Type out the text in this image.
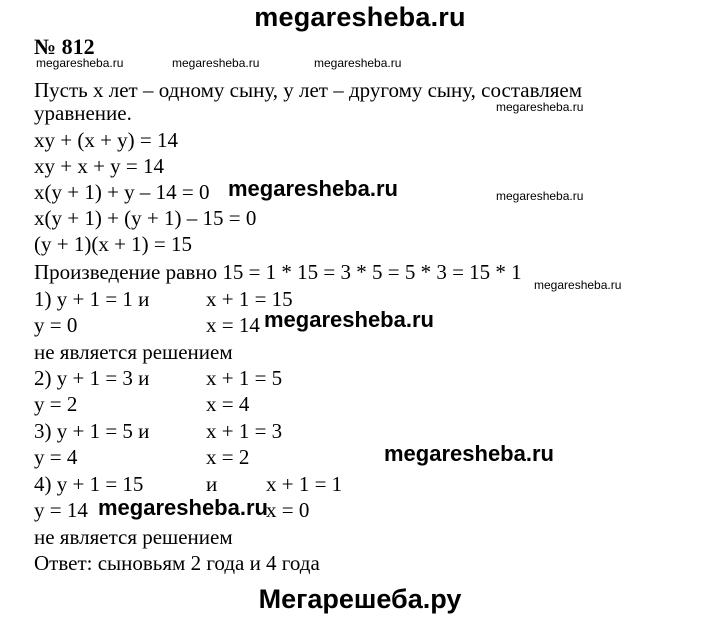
megaresheba.ru
Мегарешеба.ру
№ 812
Пусть х лет – одному сыну, у лет – другому сыну, составляем
уравнение.
xy + (x + y) = 14
xy + x + y = 14
x(y + 1) + y – 14 = 0
x(y + 1) + (y + 1) – 15 = 0
(y + 1)(x + 1) = 15
Произведение равно 15 = 1 * 15 = 3 * 5 = 5 * 3 = 15 * 1
1) y + 1 = 1 и	x + 1 = 15
y = 0	x = 14
не является решением
2) y + 1 = 3 и	x + 1 = 5
y = 2	x = 4
3) y + 1 = 5 и	x + 1 = 3
y = 4	x = 2
4) y + 1 = 15	и x + 1 = 1
y = 14	x = 0
не является решением
Ответ: сыновьям 2 года и 4 года
megaresheba.ru	megaresheba.ru	megaresheba.ru
megaresheba.ru
megaresheba.ru
megaresheba.ru
megaresheba.ru
megaresheba.ru
megaresheba.ru
megaresheba.ru
